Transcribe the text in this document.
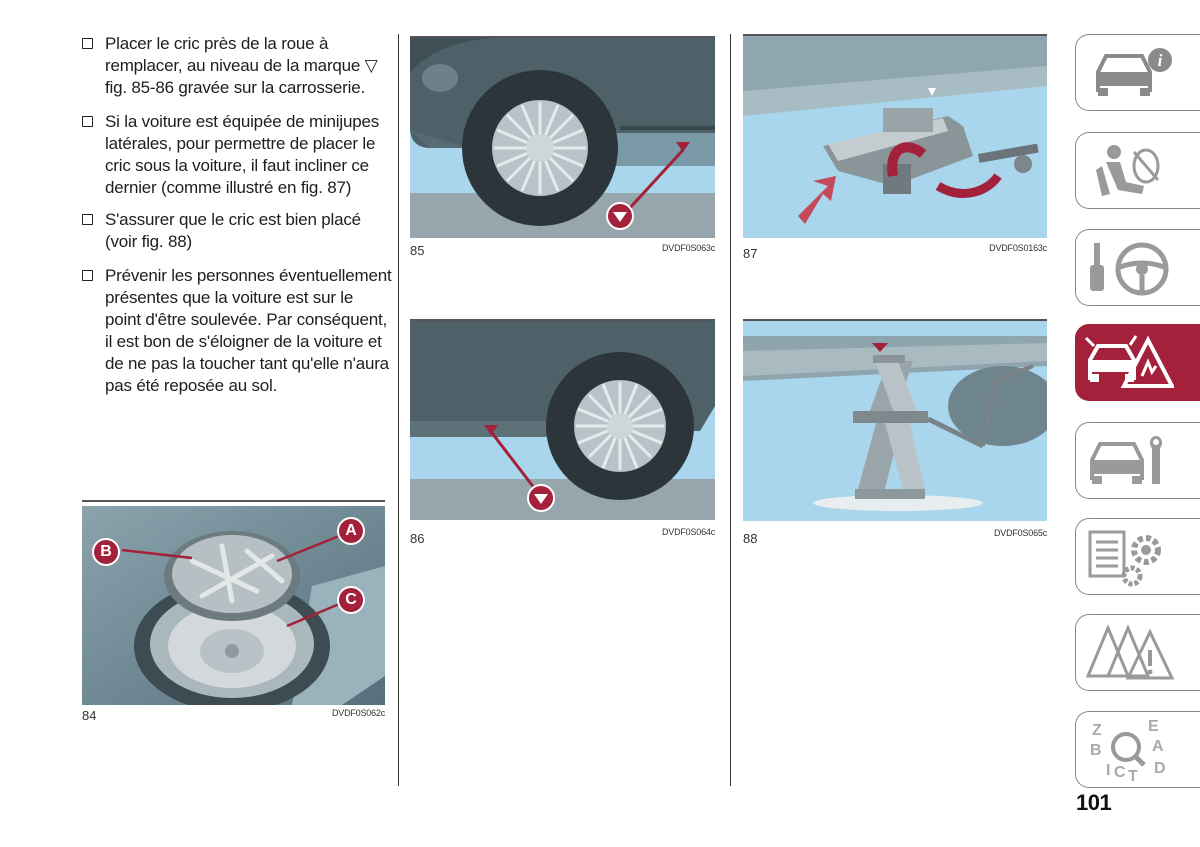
Placer le cric près de la roue à remplacer, au niveau de la marque ▽ fig. 85-86 gravée sur la carrosserie.
Si la voiture est équipée de minijupes latérales, pour permettre de placer le cric sous la voiture, il faut incliner ce dernier (comme illustré en fig. 87)
S'assurer que le cric est bien placé (voir fig. 88)
Prévenir les personnes éventuellement présentes que la voiture est sur le point d'être soulevée. Par conséquent, il est bon de s'éloigner de la voiture et de ne pas la toucher tant qu'elle n'aura pas été reposée au sol.
B
A
C
84	DVDF0S062c
85	DVDF0S063c
86	DVDF0S064c
87	DVDF0S0163c
88	DVDF0S065c
i
Z	E
B	A
I C T D
101
